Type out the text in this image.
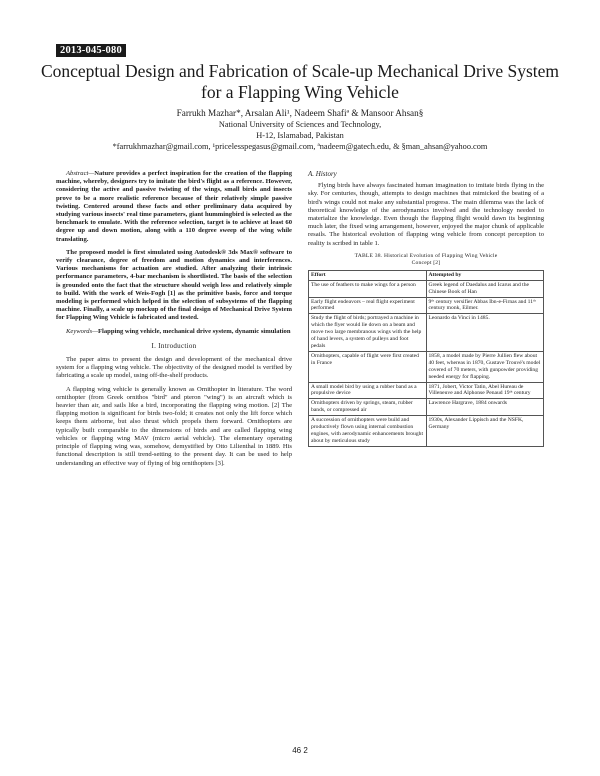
2013-045-080
Conceptual Design and Fabrication of Scale-up Mechanical Drive System for a Flapping Wing Vehicle
Farrukh Mazhar*, Arsalan Ali¹, Nadeem Shafiª & Mansoor Ahsan§
National University of Sciences and Technology,
H-12, Islamabad, Pakistan
*farrukhmazhar@gmail.com, ¹pricelesspegasus@gmail.com, ªnadeem@gatech.edu, & §man_ahsan@yahoo.com

Abstract—Nature provides a perfect inspiration for the creation of the flapping machine, whereby, designers try to imitate the bird's flight as a reference. However, considering the active and passive twisting of the wings, small birds and insects prove to be a more realistic reference because of their relatively simple passive twisting. Centered around these facts and other preliminary data acquired by studying various insects' real time parameters, giant hummingbird is selected as the benchmark to emulate. With the reference selection, target is to achieve at least 60 degree up and down motion, along with a 110 degree sweep of the wing while translating.

The proposed model is first simulated using Autodesk® 3ds Max® software to verify clearance, degree of freedom and motion dynamics and interferences. Various mechanisms for actuation are studied. After analyzing their intrinsic performance parameters, 4-bar mechanism is shortlisted. The basis of the selection is grounded onto the fact that the structure should weigh less and relatively simple to build. With the work of Weis-Fogh [1] as the primitive basis, force and torque modeling is performed which helped in the selection of subsystems of the flapping machine. Finally, a scale up mockup of the final design of Mechanical Drive System for Flapping Wing Vehicle is fabricated and tested.

Keywords—Flapping wing vehicle, mechanical drive system, dynamic simulation

I. Introduction

The paper aims to present the design and development of the mechanical drive system for a flapping wing vehicle. The objectivity of the designed model is verified by fabricating a scale up model, using off-the-shelf products.

A flapping wing vehicle is generally known as Ornithopter in literature. The word ornithopter (from Greek ornithos "bird" and pteron "wing") is an aircraft which is heavier than air, and sails like a bird, incorporating the flapping wing motion. [2] The flapping motion is significant for birds two-fold; it creates not only the lift force which keeps them airborne, but also thrust which propels them forward. Ornithopters are typically built comparable to the dimensions of birds and are called flapping wing vehicles or flapping wing MAV (micro aerial vehicle). The elementary operating principle of flapping wing was, somehow, demystified by Otto Lilienthal in 1889. His functional description is still trend-setting to the present day. It can be used to help understanding an effective way of flying of big ornithopters [3].

A. History

Flying birds have always fascinated human imagination to imitate birds flying in the sky. For centuries, though, attempts to design machines that mimicked the beating of a bird's wings could not make any substantial progress. The main dilemma was the lack of theoretical knowledge of the aerodynamics involved and the technology needed to materialize the knowledge. Even though the flapping flight would dawn its beginning much later, the fixed wing arrangement, however, enjoyed the major chunk of applicable resails. The historical evolution of flapping wing vehicle from concept perception to reality is scribed in table 1.

TABLE 38. Historical Evolution of Flapping Wing Vehicle
Concept [2]
Effort	Attempted by
The use of feathers to make wings for a person	Greek legend of Daedalus and Icarus and the Chinese Book of Han
Early flight endeavors – real flight experiment performed	9ᵗʰ century versifier Abbas Ibn-e-Firnas and 11ᵗʰ century monk, Eilmer.
Study the flight of birds; portrayed a machine in which the flyer would lie down on a beam and move two large membranous wings with the help of hand levers, a system of pulleys and foot pedals	Leonardo da Vinci in 1485.
Ornithopters, capable of flight were first created in France	1858, a model made by Pierre Jullien flew about 40 feet, whereas in 1870, Gustave Trouvé's model covered of 70 meters, with gunpowder providing needed energy for flapping.
A small model bird by using a rubber band as a propulsive device	1871, Jobert, Victor Tatin, Abel Hureau de Villeneuve and Alphonse Penaud 19ᵗʰ century
Ornithopters driven by springs, steam, rubber bands, or compressed air	Lawrence Hargrave, 1884 onwards
A succession of ornithopters were build and productively flown using internal combustion engines, with aerodynamic enhancements brought about by meticulous study	1930s, Alexander Lippisch and the NSFK, Germany
46 2
